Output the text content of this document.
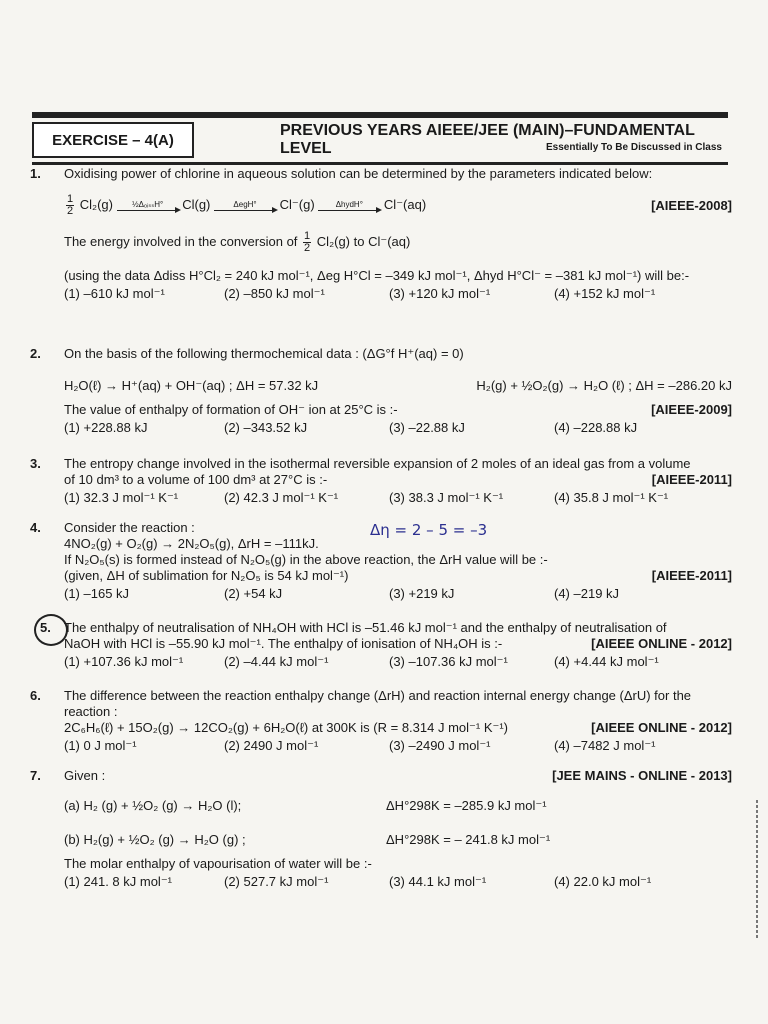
EXERCISE – 4(A)
PREVIOUS YEARS AIEEE/JEE (MAIN)–FUNDAMENTAL LEVEL	Essentially To Be Discussed in Class
1.	Oxidising power of chlorine in aqueous solution can be determined by the parameters indicated below:
$\frac{1}{2} Cl_2(g)$	½ΔₒᵢₛₛH°	Cl(g)	ΔegH°	Cl⁻(g)	ΔhydH°	Cl⁻(aq)	[AIEEE-2008]
The energy involved in the conversion of $\frac{1}{2} Cl_2(g)$ to Cl⁻(aq)
(using the data Δdiss H°Cl₂ = 240 kJ mol⁻¹, Δeg H°Cl = –349 kJ mol⁻¹, Δhyd H°Cl⁻ = –381 kJ mol⁻¹) will be:-
(1) –610 kJ mol⁻¹	(2) –850 kJ mol⁻¹	(3) +120 kJ mol⁻¹	(4) +152 kJ mol⁻¹
2.	On the basis of the following thermochemical data : (ΔG°f H⁺(aq) = 0)
H₂O(ℓ) → H⁺(aq) + OH⁻(aq) ; ΔH = 57.32 kJ	H₂(g) + ½O₂(g) → H₂O (ℓ) ; ΔH = –286.20 kJ
The value of enthalpy of formation of OH⁻ ion at 25°C is :-	[AIEEE-2009]
(1) +228.88 kJ	(2) –343.52 kJ	(3) –22.88 kJ	(4) –228.88 kJ
3.	The entropy change involved in the isothermal reversible expansion of 2 moles of an ideal gas from a volume
of 10 dm³ to a volume of 100 dm³ at 27°C is :-	[AIEEE-2011]
(1) 32.3 J mol⁻¹ K⁻¹	(2) 42.3 J mol⁻¹ K⁻¹	(3) 38.3 J mol⁻¹ K⁻¹	(4) 35.8 J mol⁻¹ K⁻¹
4.	Consider the reaction :
4NO₂(g) + O₂(g) → 2N₂O₅(g), ΔrH = –111kJ.
If N₂O₅(s) is formed instead of N₂O₅(g) in the above reaction, the ΔrH value will be :-
(given, ΔH of sublimation for N₂O₅ is 54 kJ mol⁻¹)	[AIEEE-2011]
(1) –165 kJ	(2) +54 kJ	(3) +219 kJ	(4) –219 kJ
Δη = 2 – 5 = –3
5.	The enthalpy of neutralisation of NH₄OH with HCl is –51.46 kJ mol⁻¹ and the enthalpy of neutralisation of
NaOH with HCl is –55.90 kJ mol⁻¹. The enthalpy of ionisation of NH₄OH is :-	[AIEEE ONLINE - 2012]
(1) +107.36 kJ mol⁻¹	(2) –4.44 kJ mol⁻¹	(3) –107.36 kJ mol⁻¹	(4) +4.44 kJ mol⁻¹
6.	The difference between the reaction enthalpy change (ΔrH) and reaction internal energy change (ΔrU) for the
reaction :
2C₆H₆(ℓ) + 15O₂(g) → 12CO₂(g) + 6H₂O(ℓ) at 300K is (R = 8.314 J mol⁻¹ K⁻¹)	[AIEEE ONLINE - 2012]
(1) 0 J mol⁻¹	(2) 2490 J mol⁻¹	(3) –2490 J mol⁻¹	(4) –7482 J mol⁻¹
7.	Given :	[JEE MAINS - ONLINE - 2013]
(a) H₂ (g) + ½O₂ (g) → H₂O (l);	ΔH°298K = –285.9 kJ mol⁻¹
(b) H₂(g) + ½O₂ (g) → H₂O (g) ;	ΔH°298K = – 241.8 kJ mol⁻¹
The molar enthalpy of vapourisation of water will be :-
(1) 241. 8 kJ mol⁻¹	(2) 527.7 kJ mol⁻¹	(3) 44.1 kJ mol⁻¹	(4) 22.0 kJ mol⁻¹
